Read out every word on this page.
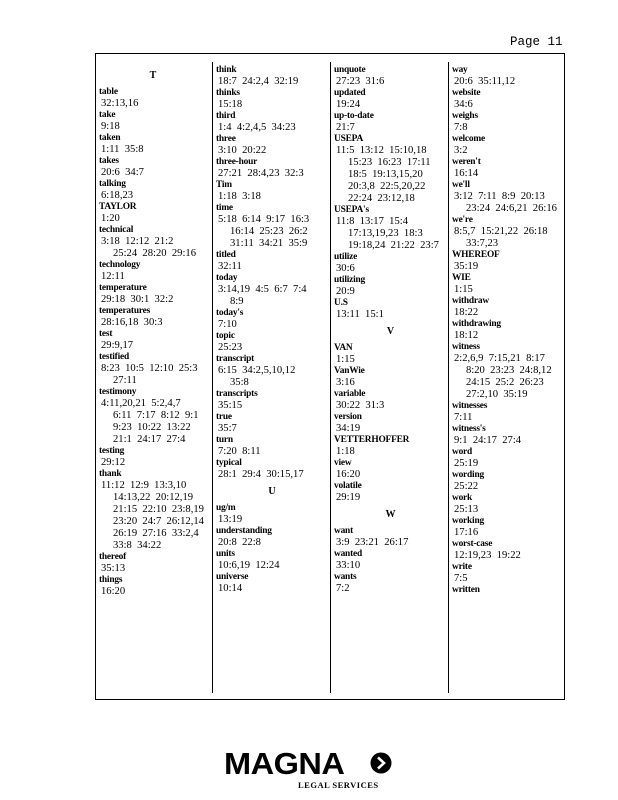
Page 11
T
table
32:13,16
take
9:18
taken
1:11  35:8
takes
20:6  34:7
talking
6:18,23
TAYLOR
1:20
technical
3:18  12:12  21:2
25:24  28:20  29:16
technology
12:11
temperature
29:18  30:1  32:2
temperatures
28:16,18  30:3
test
29:9,17
testified
8:23  10:5  12:10  25:3
27:11
testimony
4:11,20,21  5:2,4,7
6:11  7:17  8:12  9:1
9:23  10:22  13:22
21:1  24:17  27:4
testing
29:12
thank
11:12  12:9  13:3,10
14:13,22  20:12,19
21:15  22:10  23:8,19
23:20  24:7  26:12,14
26:19  27:16  33:2,4
33:8  34:22
thereof
35:13
things
16:20
think
18:7  24:2,4  32:19
thinks
15:18
third
1:4  4:2,4,5  34:23
three
3:10  20:22
three-hour
27:21  28:4,23  32:3
Tim
1:18  3:18
time
5:18  6:14  9:17  16:3
16:14  25:23  26:2
31:11  34:21  35:9
titled
32:11
today
3:14,19  4:5  6:7  7:4
8:9
today's
7:10
topic
25:23
transcript
6:15  34:2,5,10,12
35:8
transcripts
35:15
true
35:7
turn
7:20  8:11
typical
28:1  29:4  30:15,17
U
ug/m
13:19
understanding
20:8  22:8
units
10:6,19  12:24
universe
10:14
unquote
27:23  31:6
updated
19:24
up-to-date
21:7
USEPA
11:5  13:12  15:10,18
15:23  16:23  17:11
18:5  19:13,15,20
20:3,8  22:5,20,22
22:24  23:12,18
USEPA's
11:8  13:17  15:4
17:13,19,23  18:3
19:18,24  21:22  23:7
utilize
30:6
utilizing
20:9
U.S
13:11  15:1
V
VAN
1:15
VanWie
3:16
variable
30:22  31:3
version
34:19
VETTERHOFFER
1:18
view
16:20
volatile
29:19
W
want
3:9  23:21  26:17
wanted
33:10
wants
7:2
way
20:6  35:11,12
website
34:6
weighs
7:8
welcome
3:2
weren't
16:14
we'll
3:12  7:11  8:9  20:13
23:24  24:6,21  26:16
we're
8:5,7  15:21,22  26:18
33:7,23
WHEREOF
35:19
WIE
1:15
withdraw
18:22
withdrawing
18:12
witness
2:2,6,9  7:15,21  8:17
8:20  23:23  24:8,12
24:15  25:2  26:23
27:2,10  35:19
witnesses
7:11
witness's
9:1  24:17  27:4
word
25:19
wording
25:22
work
25:13
working
17:16
worst-case
12:19,23  19:22
write
7:5
written
MAGNA
LEGAL SERVICES
